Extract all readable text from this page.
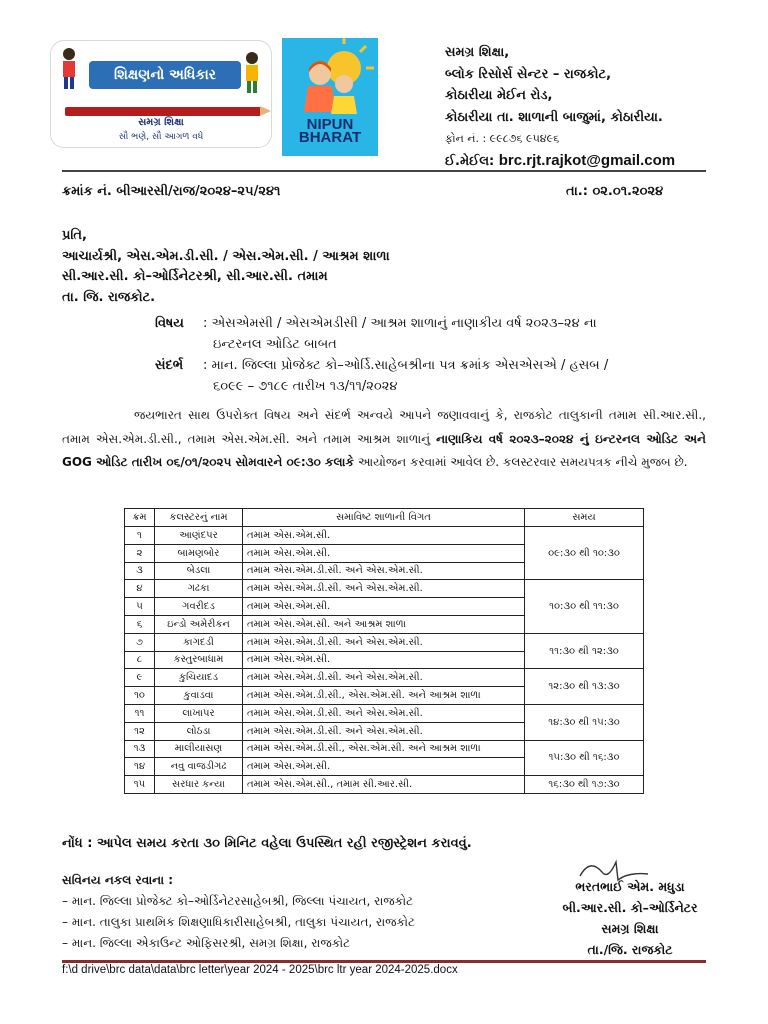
શિક્ષણનો અધિકાર
સમગ્ર શિક્ષા
સૌ ભણે, સૌ આગળ વધે
NIPUN BHARAT
સમગ્ર શિક્ષા,
બ્લોક રિસોર્સ સેન્ટર – રાજકોટ,
કોઠારીયા મેઈન રોડ,
કોઠારીયા તા. શાળાની બાજુમાં, કોઠારીયા.
ફોન નં. : ૯૯૮૭૬ ૯૫૪૯૬
ઈ.મેઈલ: brc.rjt.rajkot@gmail.com
ક્રમાંક નં. બીઆરસી/રાજ/૨૦૨૪–૨૫/૨૪૧	તા.: ૦૨.૦૧.૨૦૨૪
પ્રતિ,
આચાર્યશ્રી, એસ.એમ.ડી.સી. / એસ.એમ.સી. / આશ્રમ શાળા
સી.આર.સી. કો–ઓર્ડિનેટરશ્રી, સી.આર.સી. તમામ
તા. જિ. રાજકોટ.
વિષય : એસએમસી / એસએમડીસી / આશ્રમ શાળાનું નાણાકીય વર્ષ ૨૦૨૩–૨૪ ના
ઇન્ટરનલ ઓડિટ બાબત
સંદર્ભ : માન. જિલ્લા પ્રોજેક્ટ કો–ઓર્ડિ.સાહેબશ્રીના પત્ર ક્રમાંક એસએસએ / હસબ /
૬૦૯૯ – ૭૧૮૯ તારીખ ૧૩/૧૧/૨૦૨૪
જયભારત સાથ ઉપરોક્ત વિષય અને સંદર્ભ અન્વયે આપને જણાવવાનું કે, રાજકોટ તાલુકાની તમામ સી.આર.સી., તમામ એસ.એમ.ડી.સી., તમામ એસ.એમ.સી. અને તમામ આશ્રમ શાળાનું નાણાકિય વર્ષ ૨૦૨૩–૨૦૨૪ નું ઇન્ટરનલ ઓડિટ અને GOG ઓડિટ તારીખ ૦૬/૦૧/૨૦૨૫ સોમવારને ૦૯:૩૦ કલાકે આયોજન કરવામાં આવેલ છે. કલસ્ટરવાર સમયપત્રક નીચે મુજબ છે.
ક્રમ	કલસ્ટરનું નામ	સમાવિષ્ટ શાળાની વિગત	સમય
૧	આણંદપર	તમામ એસ.એમ.સી.	૦૯:૩૦ થી ૧૦:૩૦
૨	બામણબોર	તમામ એસ.એમ.સી.	
૩	બેડલા	તમામ એસ.એમ.ડી.સી. અને એસ.એમ.સી.	
૪	ગઢકા	તમામ એસ.એમ.ડી.સી. અને એસ.એમ.સી.	૧૦:૩૦ થી ૧૧:૩૦
૫	ગવરીદડ	તમામ એસ.એમ.સી.	
૬	ઇન્ડો અમેરીકન	તમામ એસ.એમ.સી. અને આશ્રમ શાળા	
૭	કાગદડી	તમામ એસ.એમ.ડી.સી. અને એસ.એમ.સી.	૧૧:૩૦ થી ૧૨:૩૦
૮	કસ્તુરબાધામ	તમામ એસ.એમ.સી.	
૯	કુચિયાદડ	તમામ એસ.એમ.ડી.સી. અને એસ.એમ.સી.	૧૨:૩૦ થી ૧૩:૩૦
૧૦	કુવાડવા	તમામ એસ.એમ.ડી.સી., એસ.એમ.સી. અને આશ્રમ શાળા	
૧૧	લાખાપર	તમામ એસ.એમ.ડી.સી. અને એસ.એમ.સી.	૧૪:૩૦ થી ૧૫:૩૦
૧૨	લોઠડા	તમામ એસ.એમ.ડી.સી. અને એસ.એમ.સી.	
૧૩	માલીયાસણ	તમામ એસ.એમ.ડી.સી., એસ.એમ.સી. અને આશ્રમ શાળા	૧૫:૩૦ થી ૧૬:૩૦
૧૪	નવુ વાજડીગઢ	તમામ એસ.એમ.સી.	
૧૫	સરધાર કન્યા	તમામ એસ.એમ.સી., તમામ સી.આર.સી.	૧૬:૩૦ થી ૧૭:૩૦
નોંધ : આપેલ સમય કરતા ૩૦ મિનિટ વહેલા ઉપસ્થિત રહી રજીસ્ટ્રેશન કરાવવું.
સવિનય નકલ રવાના :
– માન. જિલ્લા પ્રોજેક્ટ કો–ઓર્ડિનેટરસાહેબશ્રી, જિલ્લા પંચાયત, રાજકોટ
– માન. તાલુકા પ્રાથમિક શિક્ષણાધિકારીસાહેબશ્રી, તાલુકા પંચાયત, રાજકોટ
– માન. જિલ્લા એકાઉન્ટ ઓફિસરશ્રી, સમગ્ર શિક્ષા, રાજકોટ
ભરતભાઈ એમ. મધુડા
બી.આર.સી. કો–ઓર્ડિનેટર
સમગ્ર શિક્ષા
તા./જિ. રાજકોટ
f:\d drive\brc data\data\brc letter\year 2024 - 2025\brc ltr year 2024-2025.docx
